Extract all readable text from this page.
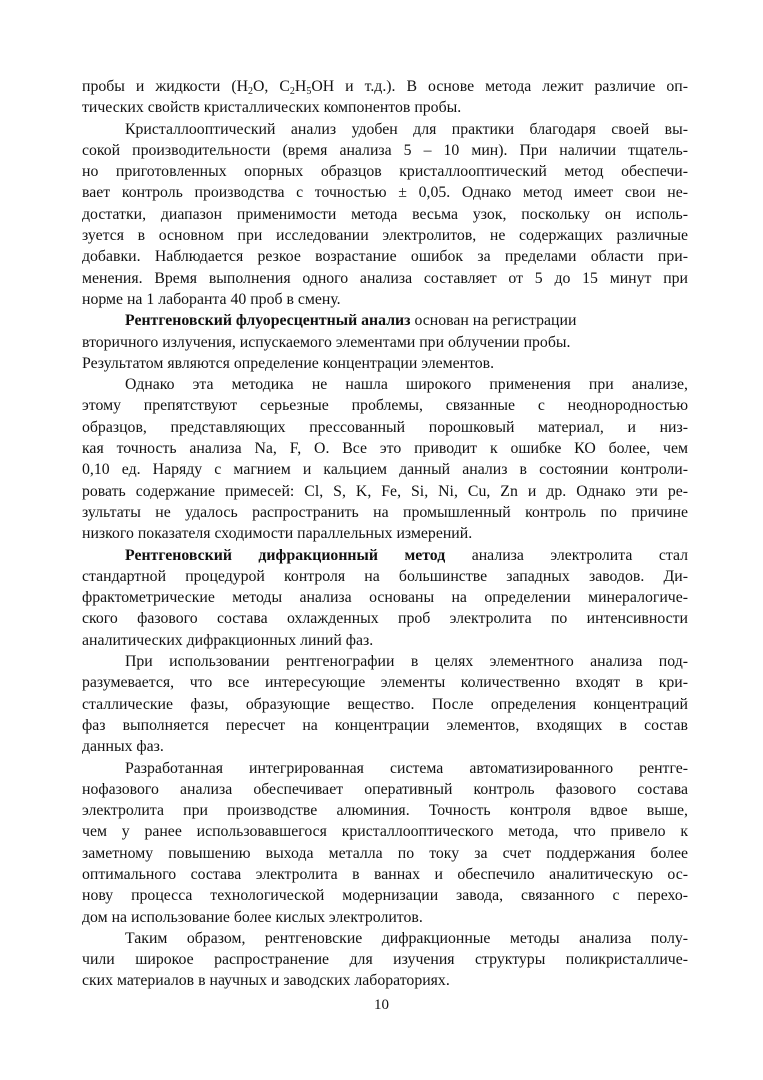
пробы и жидкости ($H_2O$, $C_2H_5OH$ и т.д.). В основе метода лежит различие оп-
тических свойств кристаллических компонентов пробы.
Кристаллооптический анализ удобен для практики благодаря своей вы-
сокой производительности (время анализа 5 – 10 мин). При наличии тщатель-
но приготовленных опорных образцов кристаллооптический метод обеспечи-
вает контроль производства с точностью ± 0,05. Однако метод имеет свои не-
достатки, диапазон применимости метода весьма узок, поскольку он исполь-
зуется в основном при исследовании электролитов, не содержащих различные
добавки. Наблюдается резкое возрастание ошибок за пределами области при-
менения. Время выполнения одного анализа составляет от 5 до 15 минут при
норме на 1 лаборанта 40 проб в смену.
Рентгеновский флуоресцентный анализ основан на регистрации
вторичного излучения, испускаемого элементами при облучении пробы.
Результатом являются определение концентрации элементов.
Однако эта методика не нашла широкого применения при анализе,
этому препятствуют серьезные проблемы, связанные с неоднородностью
образцов, представляющих прессованный порошковый материал, и низ-
кая точность анализа Na, F, O. Все это приводит к ошибке КО более, чем
0,10 ед. Наряду с магнием и кальцием данный анализ в состоянии контроли-
ровать содержание примесей: Cl, S, K, Fe, Si, Ni, Cu, Zn и др. Однако эти ре-
зультаты не удалось распространить на промышленный контроль по причине
низкого показателя сходимости параллельных измерений.
Рентгеновский дифракционный метод анализа электролита стал
стандартной процедурой контроля на большинстве западных заводов. Ди-
фрактометрические методы анализа основаны на определении минералогиче-
ского фазового состава охлажденных проб электролита по интенсивности
аналитических дифракционных линий фаз.
При использовании рентгенографии в целях элементного анализа под-
разумевается, что все интересующие элементы количественно входят в кри-
сталлические фазы, образующие вещество. После определения концентраций
фаз выполняется пересчет на концентрации элементов, входящих в состав
данных фаз.
Разработанная интегрированная система автоматизированного рентге-
нофазового анализа обеспечивает оперативный контроль фазового состава
электролита при производстве алюминия. Точность контроля вдвое выше,
чем у ранее использовавшегося кристаллооптического метода, что привело к
заметному повышению выхода металла по току за счет поддержания более
оптимального состава электролита в ваннах и обеспечило аналитическую ос-
нову процесса технологической модернизации завода, связанного с перехо-
дом на использование более кислых электролитов.
Таким образом, рентгеновские дифракционные методы анализа полу-
чили широкое распространение для изучения структуры поликристалличе-
ских материалов в научных и заводских лабораториях.
10
